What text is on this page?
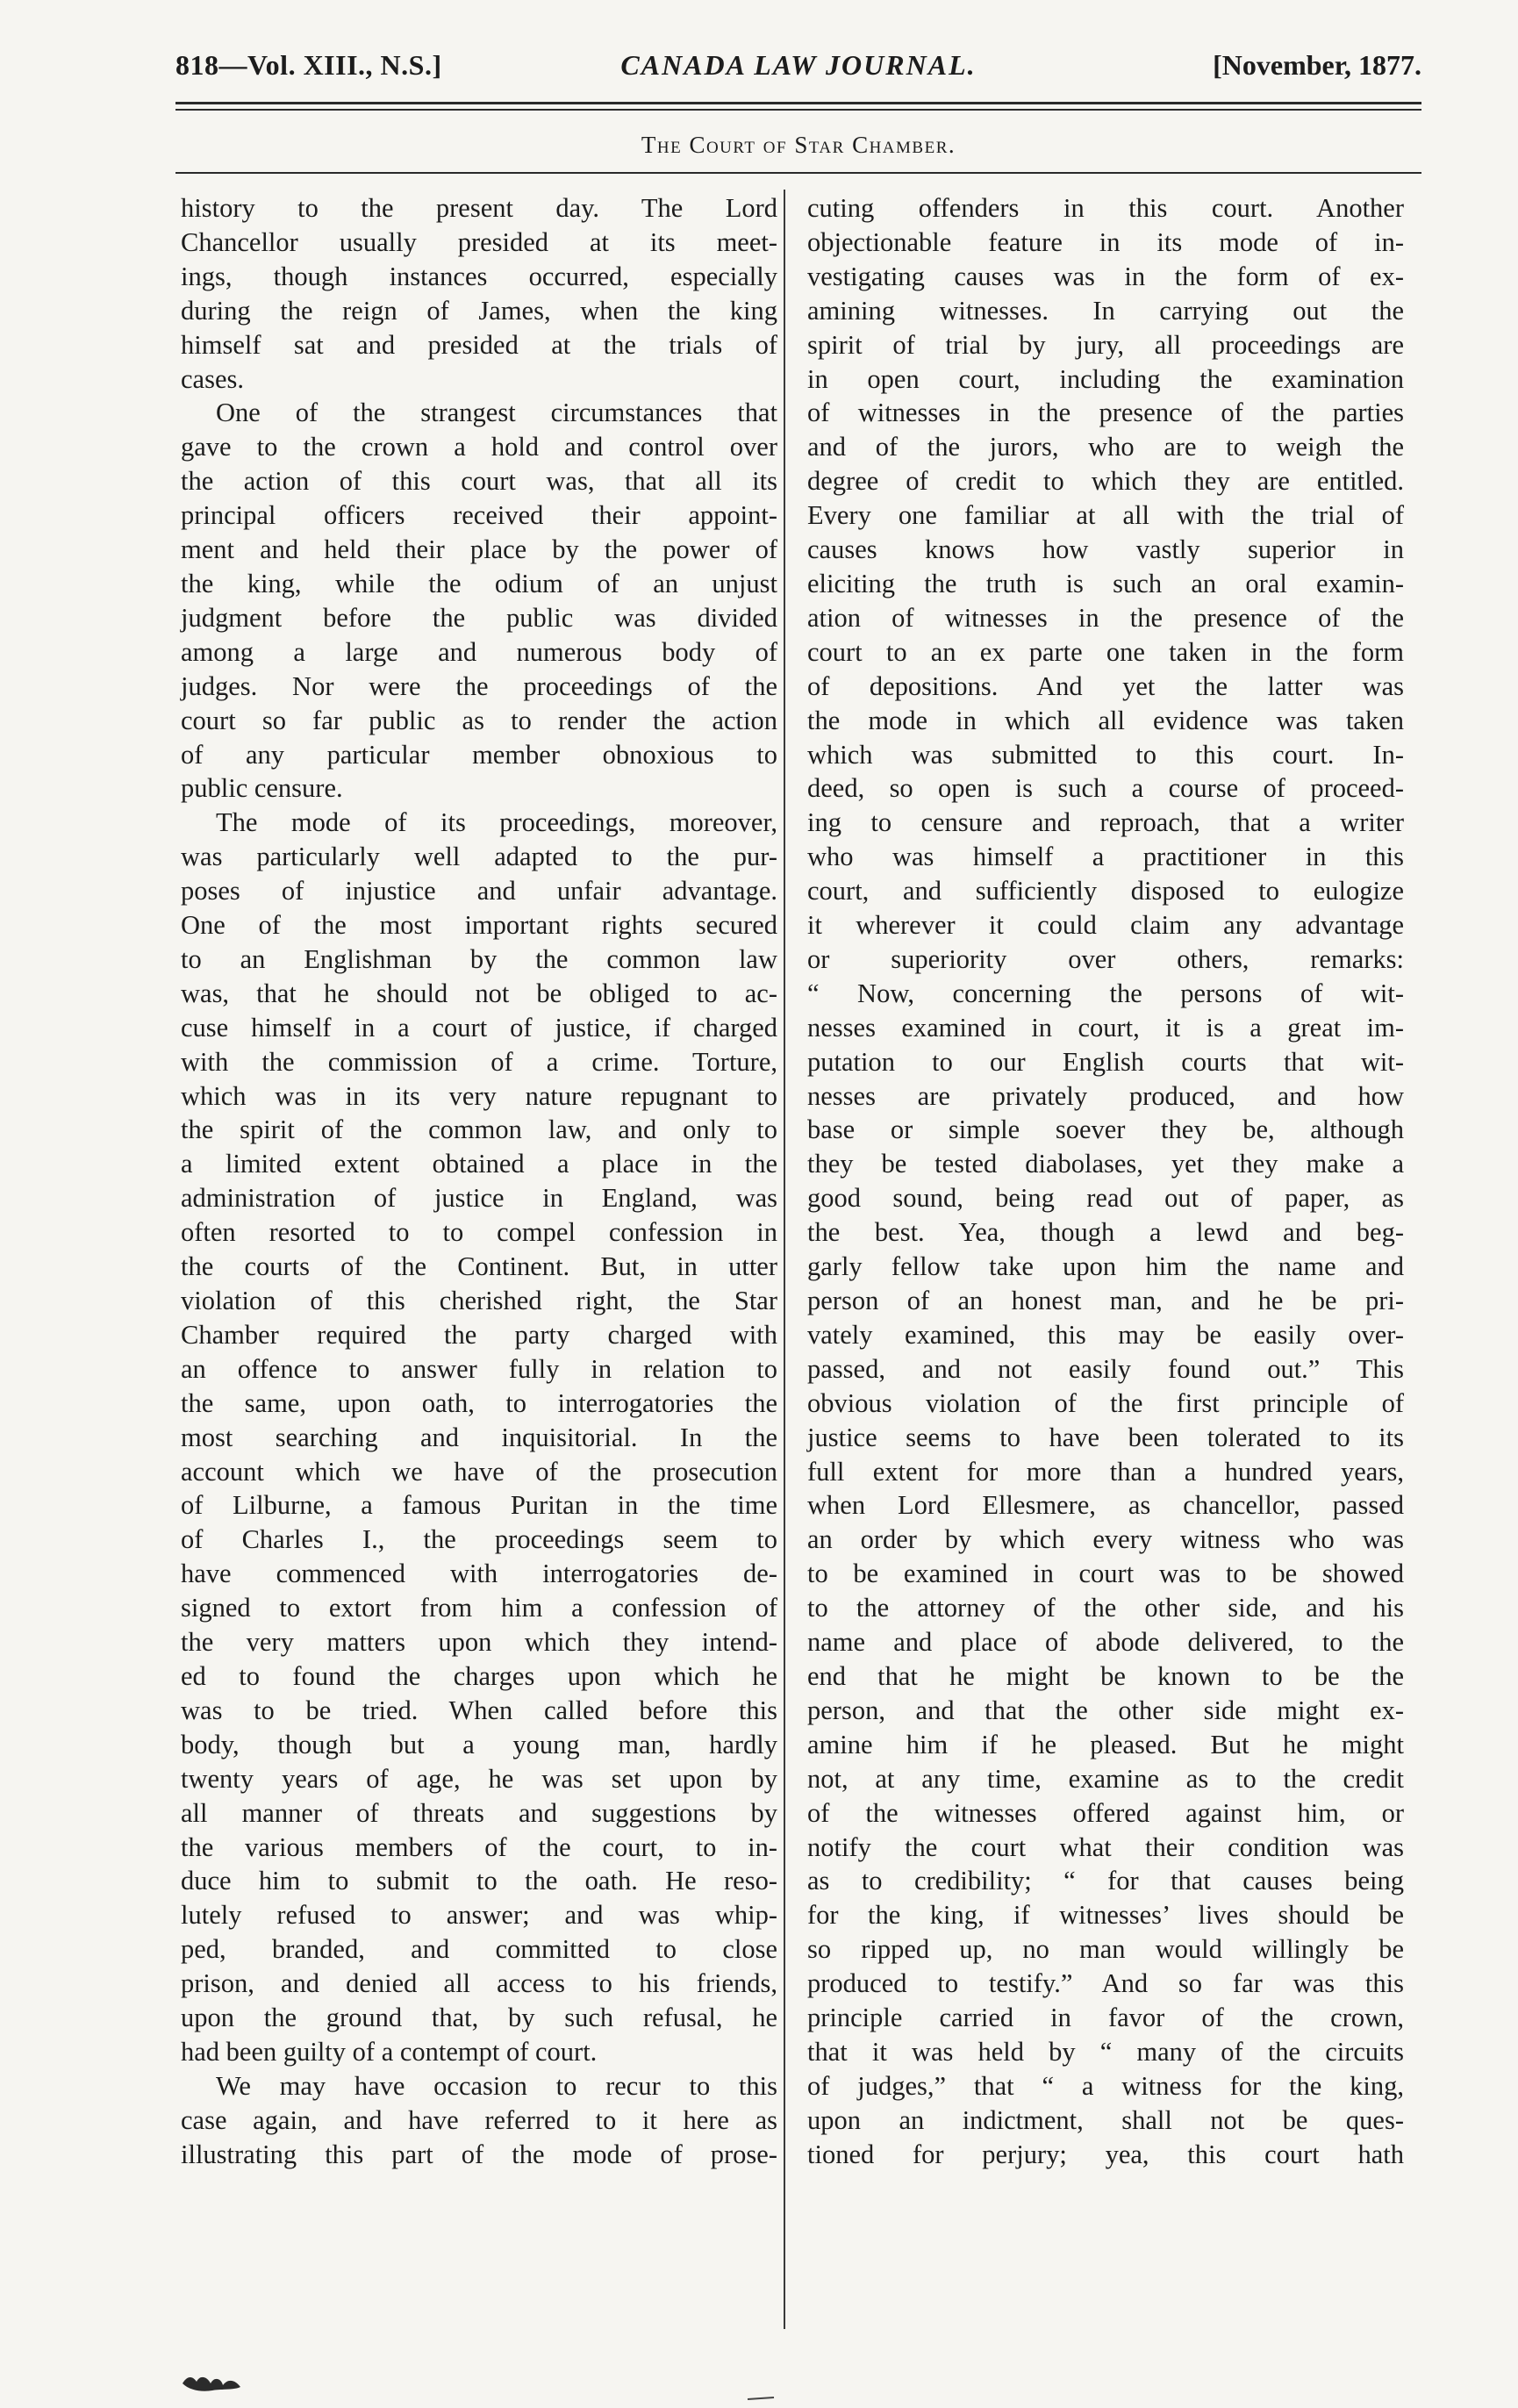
818—Vol. XIII., N.S.]	CANADA LAW JOURNAL.	[November, 1877.
The Court of Star Chamber.

history to the present day. The Lord
Chancellor usually presided at its meet-
ings, though instances occurred, especially
during the reign of James, when the king
himself sat and presided at the trials of
cases.

One of the strangest circumstances that
gave to the crown a hold and control over
the action of this court was, that all its
principal officers received their appoint-
ment and held their place by the power of
the king, while the odium of an unjust
judgment before the public was divided
among a large and numerous body of
judges. Nor were the proceedings of the
court so far public as to render the action
of any particular member obnoxious to
public censure.

The mode of its proceedings, moreover,
was particularly well adapted to the pur-
poses of injustice and unfair advantage.
One of the most important rights secured
to an Englishman by the common law
was, that he should not be obliged to ac-
cuse himself in a court of justice, if charged
with the commission of a crime. Torture,
which was in its very nature repugnant to
the spirit of the common law, and only to
a limited extent obtained a place in the
administration of justice in England, was
often resorted to to compel confession in
the courts of the Continent. But, in utter
violation of this cherished right, the Star
Chamber required the party charged with
an offence to answer fully in relation to
the same, upon oath, to interrogatories the
most searching and inquisitorial. In the
account which we have of the prosecution
of Lilburne, a famous Puritan in the time
of Charles I., the proceedings seem to
have commenced with interrogatories de-
signed to extort from him a confession of
the very matters upon which they intend-
ed to found the charges upon which he
was to be tried. When called before this
body, though but a young man, hardly
twenty years of age, he was set upon by
all manner of threats and suggestions by
the various members of the court, to in-
duce him to submit to the oath. He reso-
lutely refused to answer; and was whip-
ped, branded, and committed to close
prison, and denied all access to his friends,
upon the ground that, by such refusal, he
had been guilty of a contempt of court.

We may have occasion to recur to this
case again, and have referred to it here as
illustrating this part of the mode of prose-

cuting offenders in this court. Another
objectionable feature in its mode of in-
vestigating causes was in the form of ex-
amining witnesses. In carrying out the
spirit of trial by jury, all proceedings are
in open court, including the examination
of witnesses in the presence of the parties
and of the jurors, who are to weigh the
degree of credit to which they are entitled.
Every one familiar at all with the trial of
causes knows how vastly superior in
eliciting the truth is such an oral examin-
ation of witnesses in the presence of the
court to an ex parte one taken in the form
of depositions. And yet the latter was
the mode in which all evidence was taken
which was submitted to this court. In-
deed, so open is such a course of proceed-
ing to censure and reproach, that a writer
who was himself a practitioner in this
court, and sufficiently disposed to eulogize
it wherever it could claim any advantage
or superiority over others, remarks:
“ Now, concerning the persons of wit-
nesses examined in court, it is a great im-
putation to our English courts that wit-
nesses are privately produced, and how
base or simple soever they be, although
they be tested diabolases, yet they make a
good sound, being read out of paper, as
the best. Yea, though a lewd and beg-
garly fellow take upon him the name and
person of an honest man, and he be pri-
vately examined, this may be easily over-
passed, and not easily found out.” This
obvious violation of the first principle of
justice seems to have been tolerated to its
full extent for more than a hundred years,
when Lord Ellesmere, as chancellor, passed
an order by which every witness who was
to be examined in court was to be showed
to the attorney of the other side, and his
name and place of abode delivered, to the
end that he might be known to be the
person, and that the other side might ex-
amine him if he pleased. But he might
not, at any time, examine as to the credit
of the witnesses offered against him, or
notify the court what their condition was
as to credibility; “ for that causes being
for the king, if witnesses’ lives should be
so ripped up, no man would willingly be
produced to testify.” And so far was this
principle carried in favor of the crown,
that it was held by “ many of the circuits
of judges,” that “ a witness for the king,
upon an indictment, shall not be ques-
tioned for perjury; yea, this court hath
